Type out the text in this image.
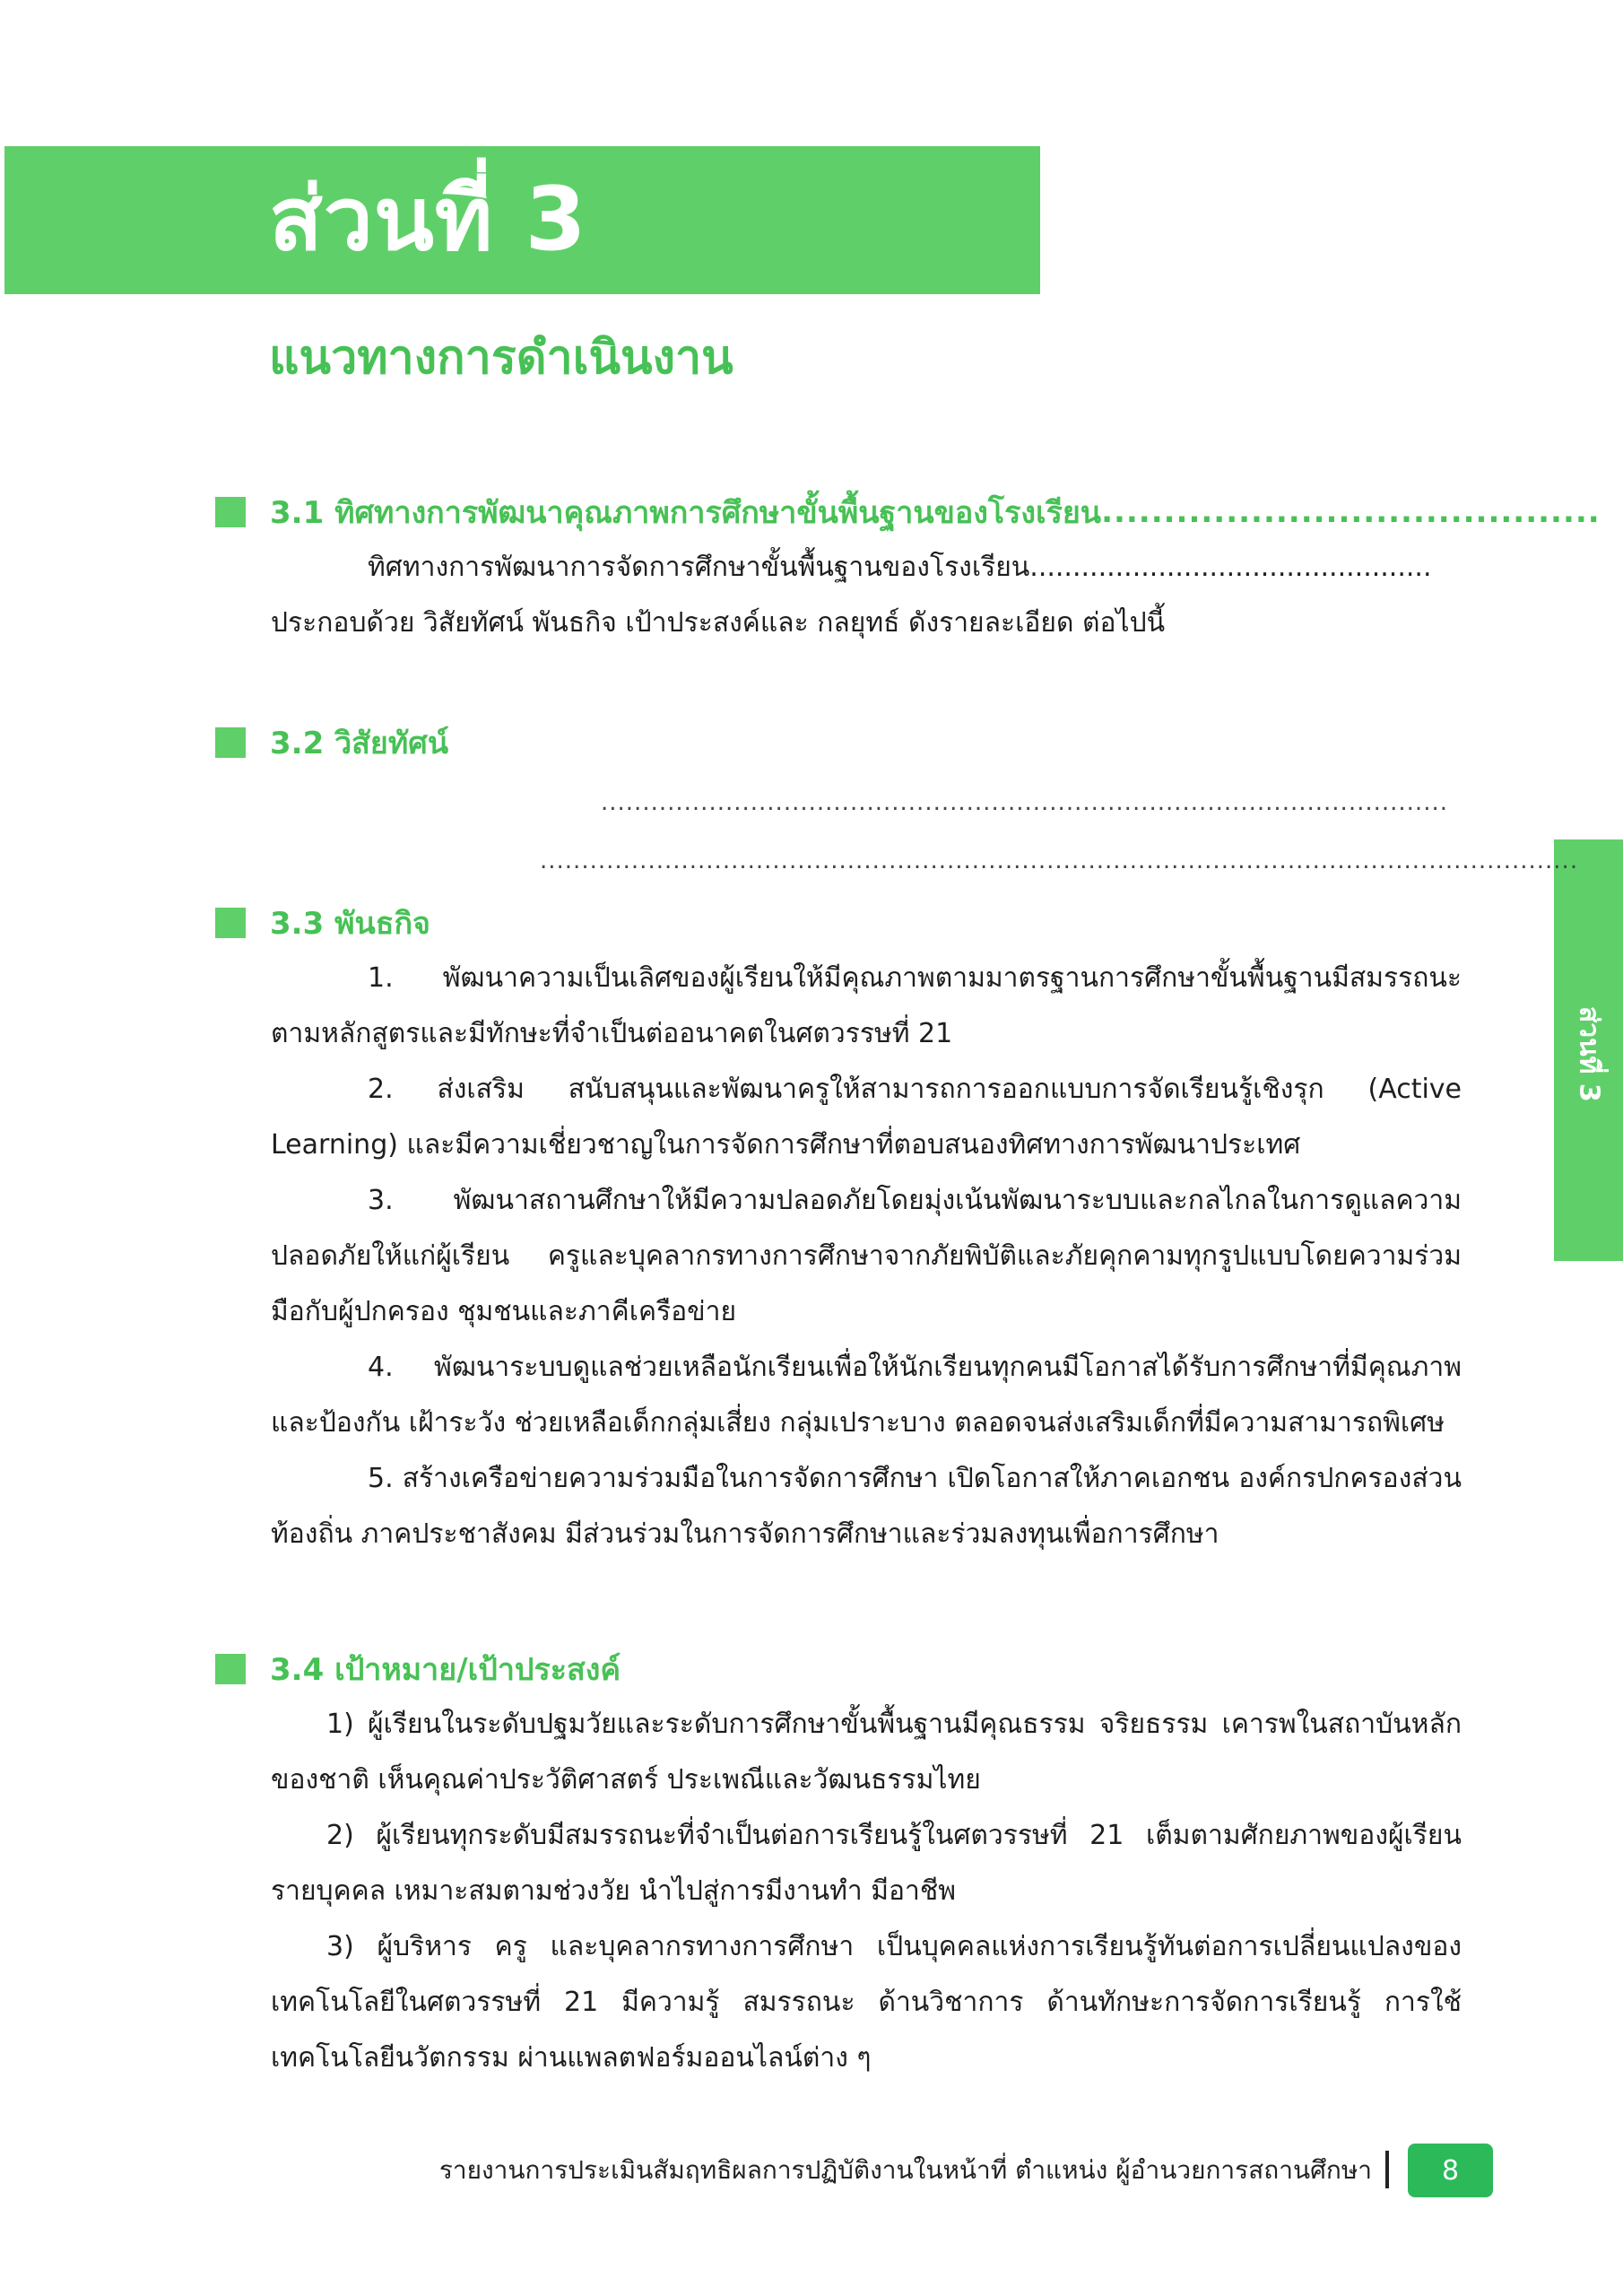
ส่วนที่ 3
แนวทางการดำเนินงาน
ส่วนที่ 3
3.1 ทิศทางการพัฒนาคุณภาพการศึกษาขั้นพื้นฐานของโรงเรียน ........................................

ทิศทางการพัฒนาการจัดการศึกษาขั้นพื้นฐานของโรงเรียน...............................................

ประกอบด้วย วิสัยทัศน์ พันธกิจ เป้าประสงค์และ กลยุทธ์ ดังรายละเอียด ต่อไปนี้

3.2 วิสัยทัศน์
......................................................................................................
.............................................................................................................................
3.3 พันธกิจ

1. พัฒนาความเป็นเลิศของผู้เรียนให้มีคุณภาพตามมาตรฐานการศึกษาขั้นพื้นฐานมีสมรรถนะตามหลักสูตรและมีทักษะที่จำเป็นต่ออนาคตในศตวรรษที่ 21

2. ส่งเสริม สนับสนุนและพัฒนาครูให้สามารถการออกแบบการจัดเรียนรู้เชิงรุก (Active Learning) และมีความเชี่ยวชาญในการจัดการศึกษาที่ตอบสนองทิศทางการพัฒนาประเทศ

3. พัฒนาสถานศึกษาให้มีความปลอดภัยโดยมุ่งเน้นพัฒนาระบบและกลไกลในการดูแลความปลอดภัยให้แก่ผู้เรียน ครูและบุคลากรทางการศึกษาจากภัยพิบัติและภัยคุกคามทุกรูปแบบโดยความร่วมมือกับผู้ปกครอง ชุมชนและภาคีเครือข่าย

4. พัฒนาระบบดูแลช่วยเหลือนักเรียนเพื่อให้นักเรียนทุกคนมีโอกาสได้รับการศึกษาที่มีคุณภาพและป้องกัน เฝ้าระวัง ช่วยเหลือเด็กกลุ่มเสี่ยง กลุ่มเปราะบาง ตลอดจนส่งเสริมเด็กที่มีความสามารถพิเศษ

5. สร้างเครือข่ายความร่วมมือในการจัดการศึกษา เปิดโอกาสให้ภาคเอกชน องค์กรปกครองส่วนท้องถิ่น ภาคประชาสังคม มีส่วนร่วมในการจัดการศึกษาและร่วมลงทุนเพื่อการศึกษา

3.4 เป้าหมาย/เป้าประสงค์

1) ผู้เรียนในระดับปฐมวัยและระดับการศึกษาขั้นพื้นฐานมีคุณธรรม จริยธรรม เคารพในสถาบันหลักของชาติ เห็นคุณค่าประวัติศาสตร์ ประเพณีและวัฒนธรรมไทย

2) ผู้เรียนทุกระดับมีสมรรถนะที่จำเป็นต่อการเรียนรู้ในศตวรรษที่ 21 เต็มตามศักยภาพของผู้เรียนรายบุคคล เหมาะสมตามช่วงวัย นำไปสู่การมีงานทำ มีอาชีพ

3) ผู้บริหาร ครู และบุคลากรทางการศึกษา เป็นบุคคลแห่งการเรียนรู้ทันต่อการเปลี่ยนแปลงของเทคโนโลยีในศตวรรษที่ 21 มีความรู้ สมรรถนะ ด้านวิชาการ ด้านทักษะการจัดการเรียนรู้ การใช้เทคโนโลยีนวัตกรรม ผ่านแพลตฟอร์มออนไลน์ต่าง ๆ

รายงานการประเมินสัมฤทธิผลการปฏิบัติงานในหน้าที่ ตำแหน่ง ผู้อำนวยการสถานศึกษา	8
